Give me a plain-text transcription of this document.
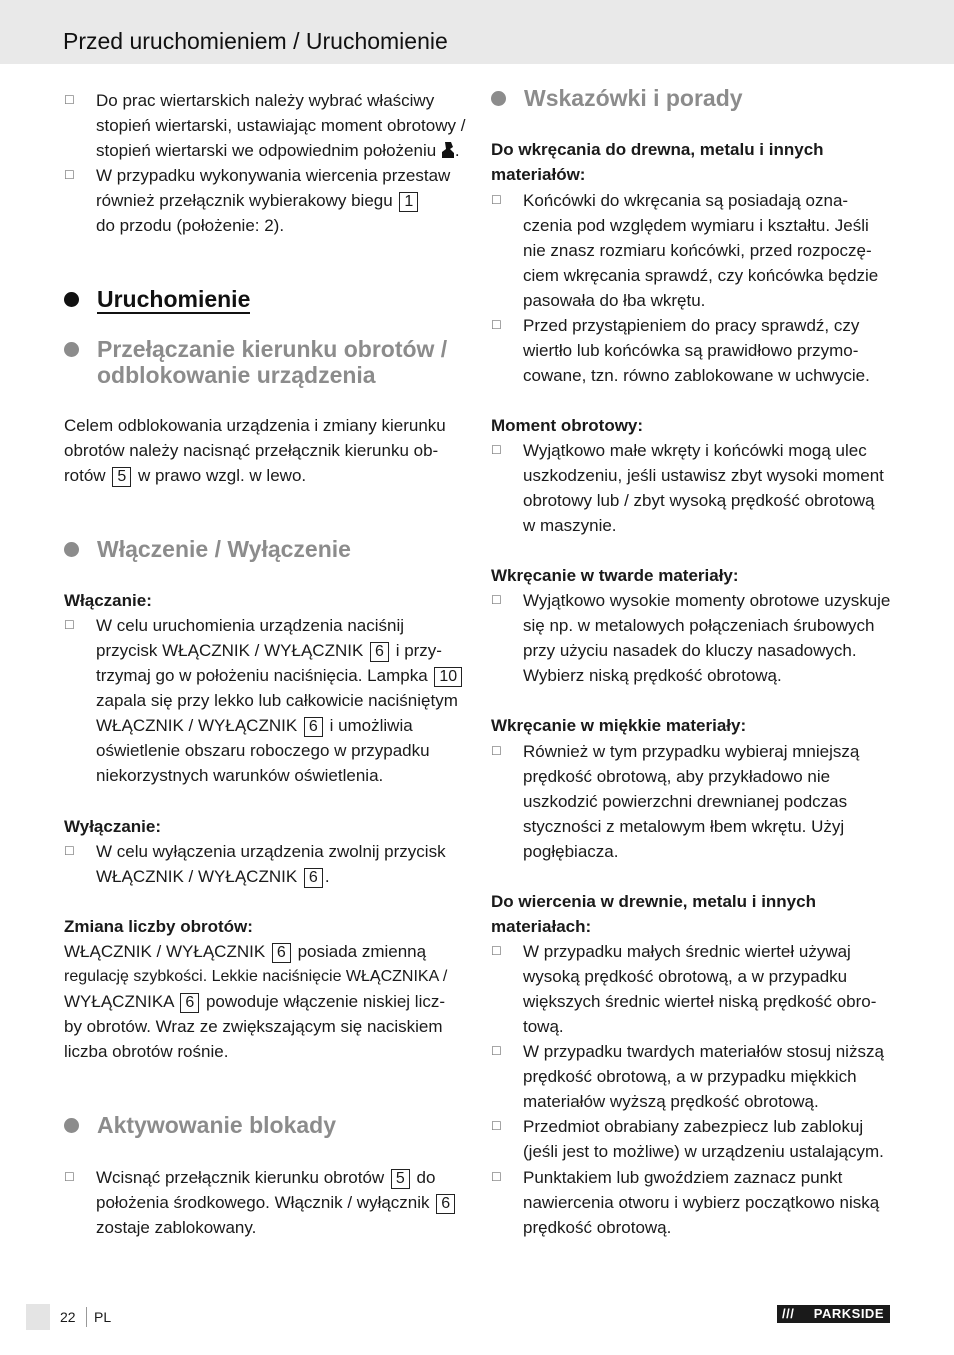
Przed uruchomieniem / Uruchomienie
☐ Do prac wiertarskich należy wybrać właściwy
stopień wiertarski, ustawiając moment obrotowy /
stopień wiertarski we odpowiednim położeniu .
☐ W przypadku wykonywania wiercenia przestaw
również przełącznik wybierakowy biegu 1
do przodu (położenie: 2).
Uruchomienie
Przełączanie kierunku obrotów /
odblokowanie urządzenia
Celem odblokowania urządzenia i zmiany kierunku
obrotów należy nacisnąć przełącznik kierunku ob-
rotów 5 w prawo wzgl. w lewo.
Włączenie / Wyłączenie
Włączanie:
☐ W celu uruchomienia urządzenia naciśnij
przycisk WŁĄCZNIK / WYŁĄCZNIK 6 i przy-
trzymaj go w położeniu naciśnięcia. Lampka 10
zapala się przy lekko lub całkowicie naciśniętym
WŁĄCZNIK / WYŁĄCZNIK 6 i umożliwia
oświetlenie obszaru roboczego w przypadku
niekorzystnych warunków oświetlenia.
Wyłączanie:
☐ W celu wyłączenia urządzenia zwolnij przycisk
WŁĄCZNIK / WYŁĄCZNIK 6 .
Zmiana liczby obrotów:
WŁĄCZNIK / WYŁĄCZNIK 6 posiada zmienną
regulację szybkości. Lekkie naciśnięcie WŁĄCZNIKA /
WYŁĄCZNIKA 6 powoduje włączenie niskiej licz-
by obrotów. Wraz ze zwiększającym się naciskiem
liczba obrotów rośnie.
Aktywowanie blokady
☐ Wcisnąć przełącznik kierunku obrotów 5 do
położenia środkowego. Włącznik / wyłącznik 6
zostaje zablokowany.
Wskazówki i porady
Do wkręcania do drewna, metalu i innych
materiałów:
☐ Końcówki do wkręcania są posiadają ozna-
czenia pod względem wymiaru i kształtu. Jeśli
nie znasz rozmiaru końcówki, przed rozpoczę-
ciem wkręcania sprawdź, czy końcówka będzie
pasowała do łba wkrętu.
☐ Przed przystąpieniem do pracy sprawdź, czy
wiertło lub końcówka są prawidłowo przymo-
cowane, tzn. równo zablokowane w uchwycie.
Moment obrotowy:
☐ Wyjątkowo małe wkręty i końcówki mogą ulec
uszkodzeniu, jeśli ustawisz zbyt wysoki moment
obrotowy lub / zbyt wysoką prędkość obrotową
w maszynie.
Wkręcanie w twarde materiały:
☐ Wyjątkowo wysokie momenty obrotowe uzyskuje
się np. w metalowych połączeniach śrubowych
przy użyciu nasadek do kluczy nasadowych.
Wybierz niską prędkość obrotową.
Wkręcanie w miękkie materiały:
☐ Również w tym przypadku wybieraj mniejszą
prędkość obrotową, aby przykładowo nie
uszkodzić powierzchni drewnianej podczas
styczności z metalowym łbem wkrętu. Użyj
pogłębiacza.
Do wiercenia w drewnie, metalu i innych
materiałach:
☐ W przypadku małych średnic wierteł używaj
wysoką prędkość obrotową, a w przypadku
większych średnic wierteł niską prędkość obro-
tową.
☐ W przypadku twardych materiałów stosuj niższą
prędkość obrotową, a w przypadku miękkich
materiałów wyższą prędkość obrotową.
☐ Przedmiot obrabiany zabezpiecz lub zablokuj
(jeśli jest to możliwe) w urządzeniu ustalającym.
☐ Punktakiem lub gwoździem zaznacz punkt
nawiercenia otworu i wybierz początkowo niską
prędkość obrotową.
22 PL	/// PARKSIDE
